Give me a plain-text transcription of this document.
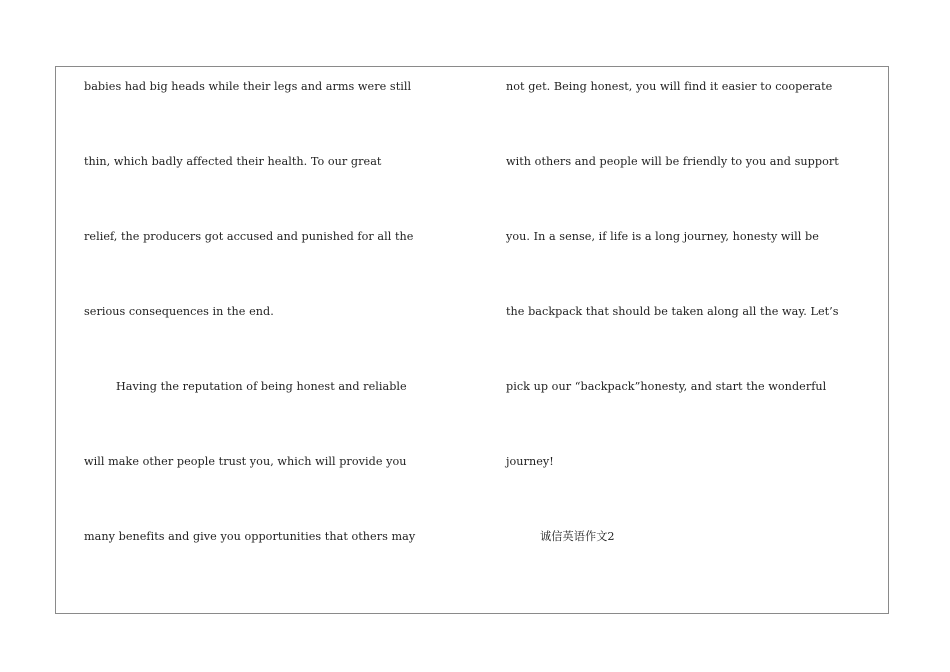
babies had big heads while their legs and arms were still
thin, which badly affected their health. To our great
relief, the producers got accused and punished for all the
serious consequences in the end.
Having the reputation of being honest and reliable
will make other people trust you, which will provide you
many benefits and give you opportunities that others may
not get. Being honest, you will find it easier to cooperate
with others and people will be friendly to you and support
you. In a sense, if life is a long journey, honesty will be
the backpack that should be taken along all the way. Let’s
pick up our “backpack”honesty, and start the wonderful
journey!
诚信英语作文2
